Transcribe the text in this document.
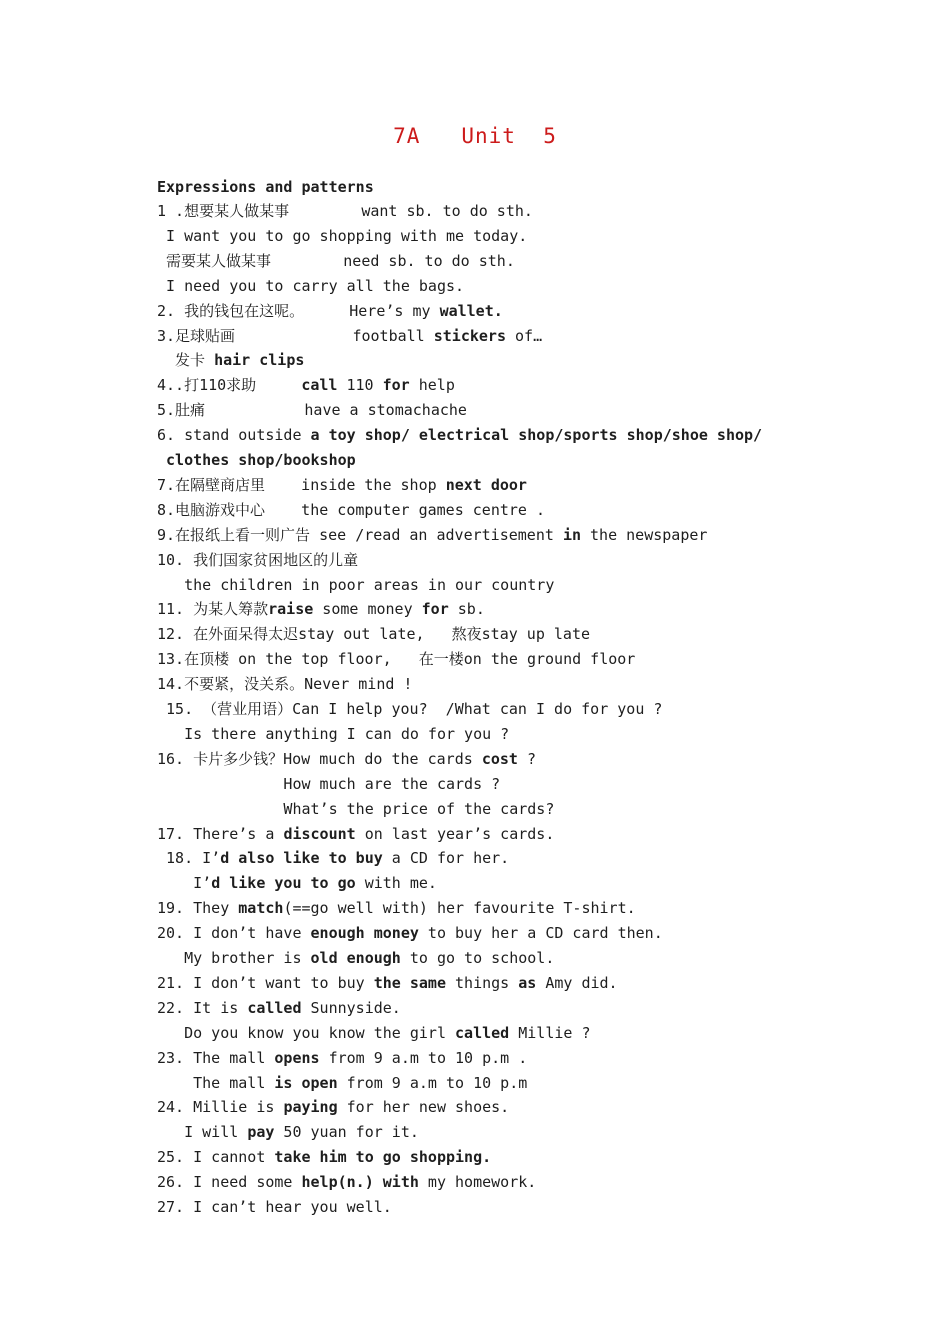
7A   Unit  5
Expressions and patterns
1 .想要某人做某事        want sb. to do sth.
I want you to go shopping with me today.
需要某人做某事        need sb. to do sth.
I need you to carry all the bags.
2. 我的钱包在这呢。     Here’s my wallet.
3.足球贴画             football stickers of…
发卡 hair clips
4..打110求助     call 110 for help
5.肚痛           have a stomachache
6. stand outside a toy shop/ electrical shop/sports shop/shoe shop/
clothes shop/bookshop
7.在隔壁商店里    inside the shop next door
8.电脑游戏中心    the computer games centre .
9.在报纸上看一则广告 see /read an advertisement in the newspaper
10. 我们国家贫困地区的儿童
the children in poor areas in our country
11. 为某人筹款raise some money for sb.
12. 在外面呆得太迟stay out late,   熬夜stay up late
13.在顶楼 on the top floor,   在一楼on the ground floor
14.不要紧，没关系。Never mind !
15. （营业用语）Can I help you?  /What can I do for you ?
Is there anything I can do for you ?
16. 卡片多少钱？How much do the cards cost ?
How much are the cards ?
What’s the price of the cards?
17. There’s a discount on last year’s cards.
18. I’d also like to buy a CD for her.
I’d like you to go with me.
19. They match(==go well with) her favourite T-shirt.
20. I don’t have enough money to buy her a CD card then.
My brother is old enough to go to school.
21. I don’t want to buy the same things as Amy did.
22. It is called Sunnyside.
Do you know you know the girl called Millie ?
23. The mall opens from 9 a.m to 10 p.m .
The mall is open from 9 a.m to 10 p.m
24. Millie is paying for her new shoes.
I will pay 50 yuan for it.
25. I cannot take him to go shopping.
26. I need some help(n.) with my homework.
27. I can’t hear you well.
